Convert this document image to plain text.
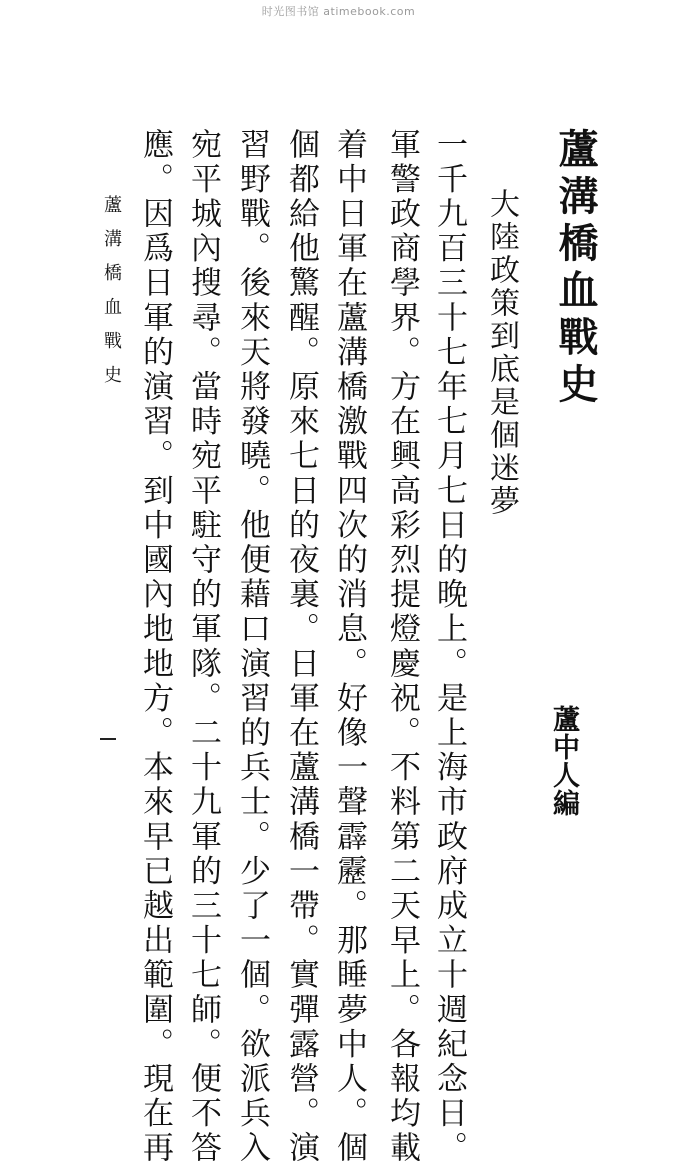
时光图书馆 atimebook.com
蘆溝橋血戰史
大陸政策到底是個迷夢
蘆中人編
一千九百三十七年七月七日的晚上。是上海市政府成立十週紀念日。
軍警政商學界。方在興高彩烈提燈慶祝。不料第二天早上。各報均載
着中日軍在蘆溝橋激戰四次的消息。好像一聲霹靂。那睡夢中人。個
個都給他驚醒。原來七日的夜裏。日軍在蘆溝橋一帶。實彈露營。演
習野戰。後來天將發曉。他便藉口演習的兵士。少了一個。欲派兵入
宛平城內搜尋。當時宛平駐守的軍隊。二十九軍的三十七師。便不答
應。因爲日軍的演習。到中國內地地方。本來早已越出範圍。現在再
蘆溝橋血戰史
